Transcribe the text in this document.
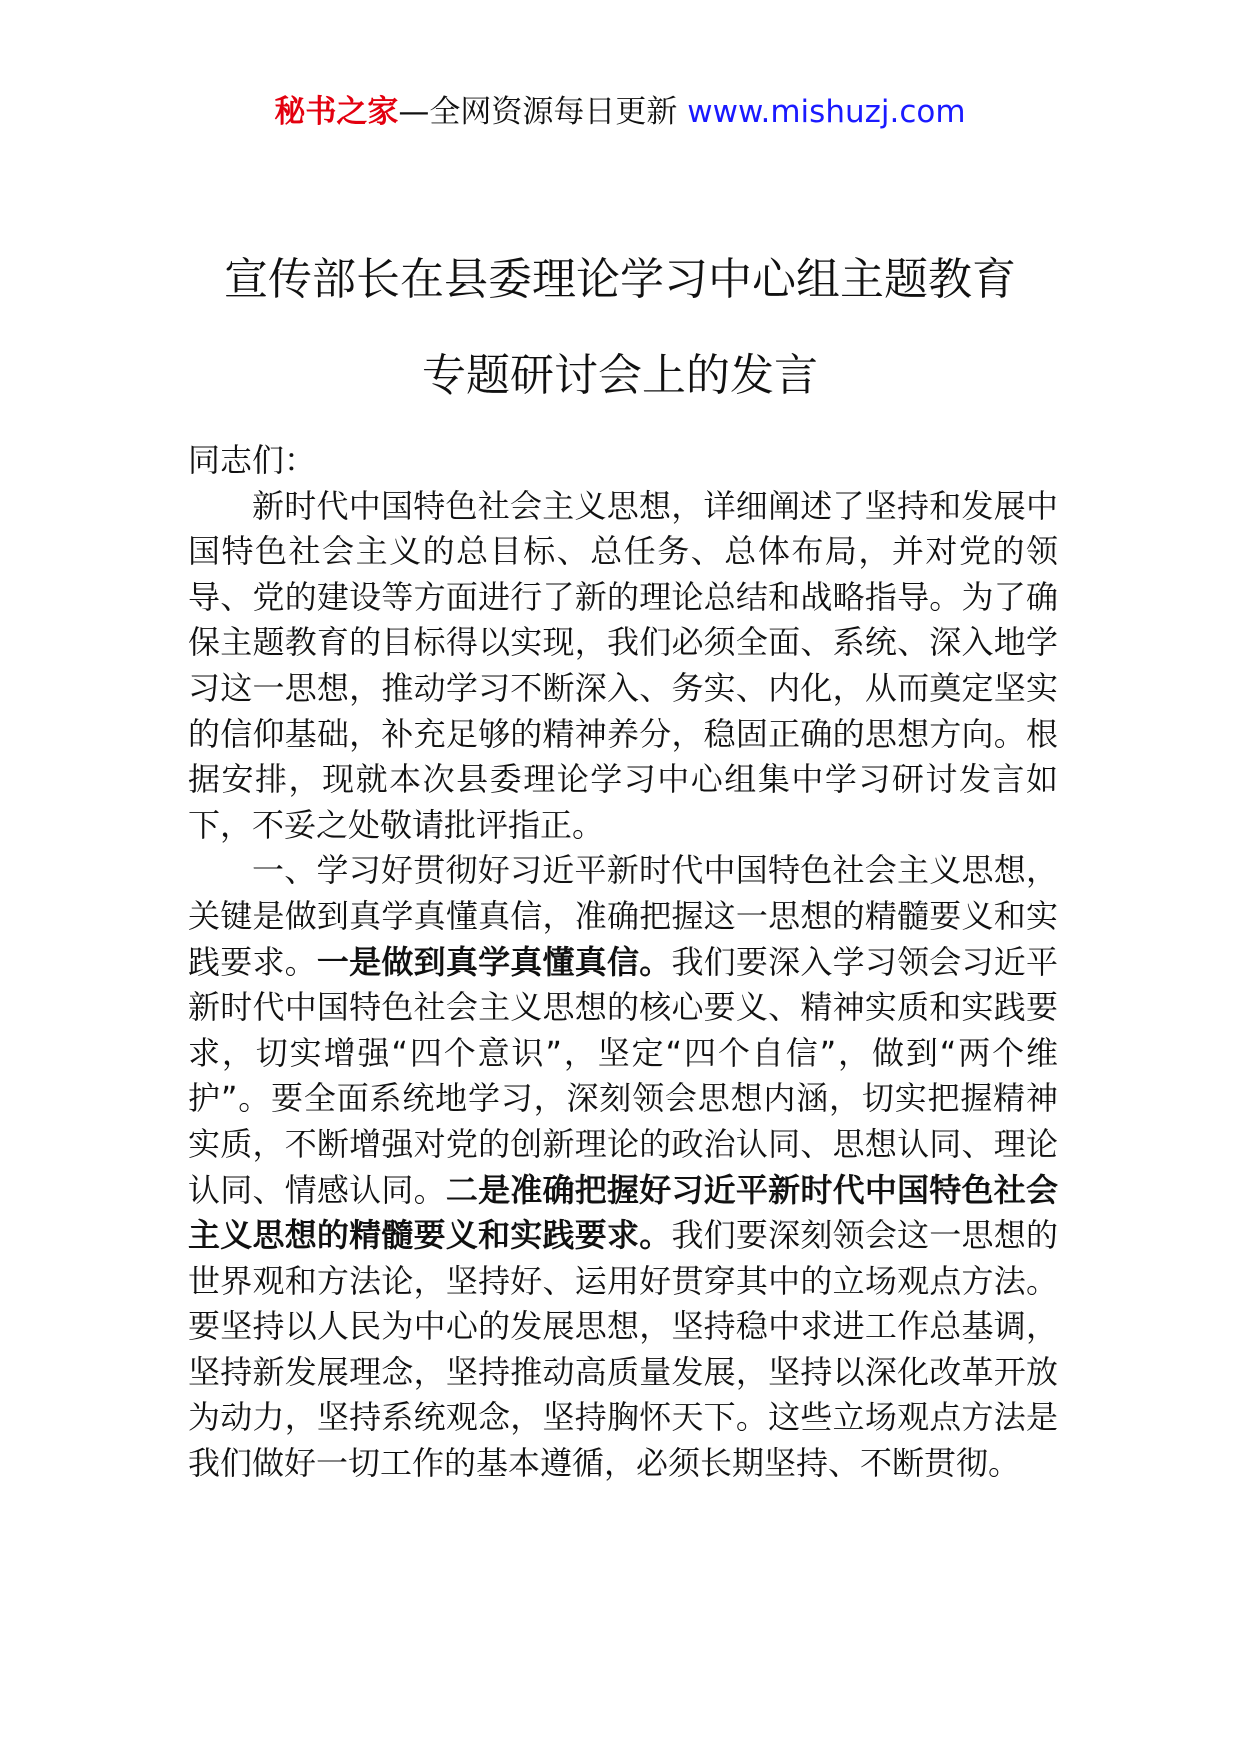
秘书之家—全网资源每日更新 www.mishuzj.com
宣传部长在县委理论学习中心组主题教育
专题研讨会上的发言

同志们：

新时代中国特色社会主义思想，详细阐述了坚持和发展中国特色社会主义的总目标、总任务、总体布局，并对党的领导、党的建设等方面进行了新的理论总结和战略指导。为了确保主题教育的目标得以实现，我们必须全面、系统、深入地学习这一思想，推动学习不断深入、务实、内化，从而奠定坚实的信仰基础，补充足够的精神养分，稳固正确的思想方向。根据安排，现就本次县委理论学习中心组集中学习研讨发言如下，不妥之处敬请批评指正。

一、学习好贯彻好习近平新时代中国特色社会主义思想，关键是做到真学真懂真信，准确把握这一思想的精髓要义和实践要求。一是做到真学真懂真信。我们要深入学习领会习近平新时代中国特色社会主义思想的核心要义、精神实质和实践要求，切实增强“四个意识”，坚定“四个自信”，做到“两个维护”。要全面系统地学习，深刻领会思想内涵，切实把握精神实质，不断增强对党的创新理论的政治认同、思想认同、理论认同、情感认同。二是准确把握好习近平新时代中国特色社会主义思想的精髓要义和实践要求。我们要深刻领会这一思想的世界观和方法论，坚持好、运用好贯穿其中的立场观点方法。要坚持以人民为中心的发展思想，坚持稳中求进工作总基调，坚持新发展理念，坚持推动高质量发展，坚持以深化改革开放为动力，坚持系统观念，坚持胸怀天下。这些立场观点方法是我们做好一切工作的基本遵循，必须长期坚持、不断贯彻。
